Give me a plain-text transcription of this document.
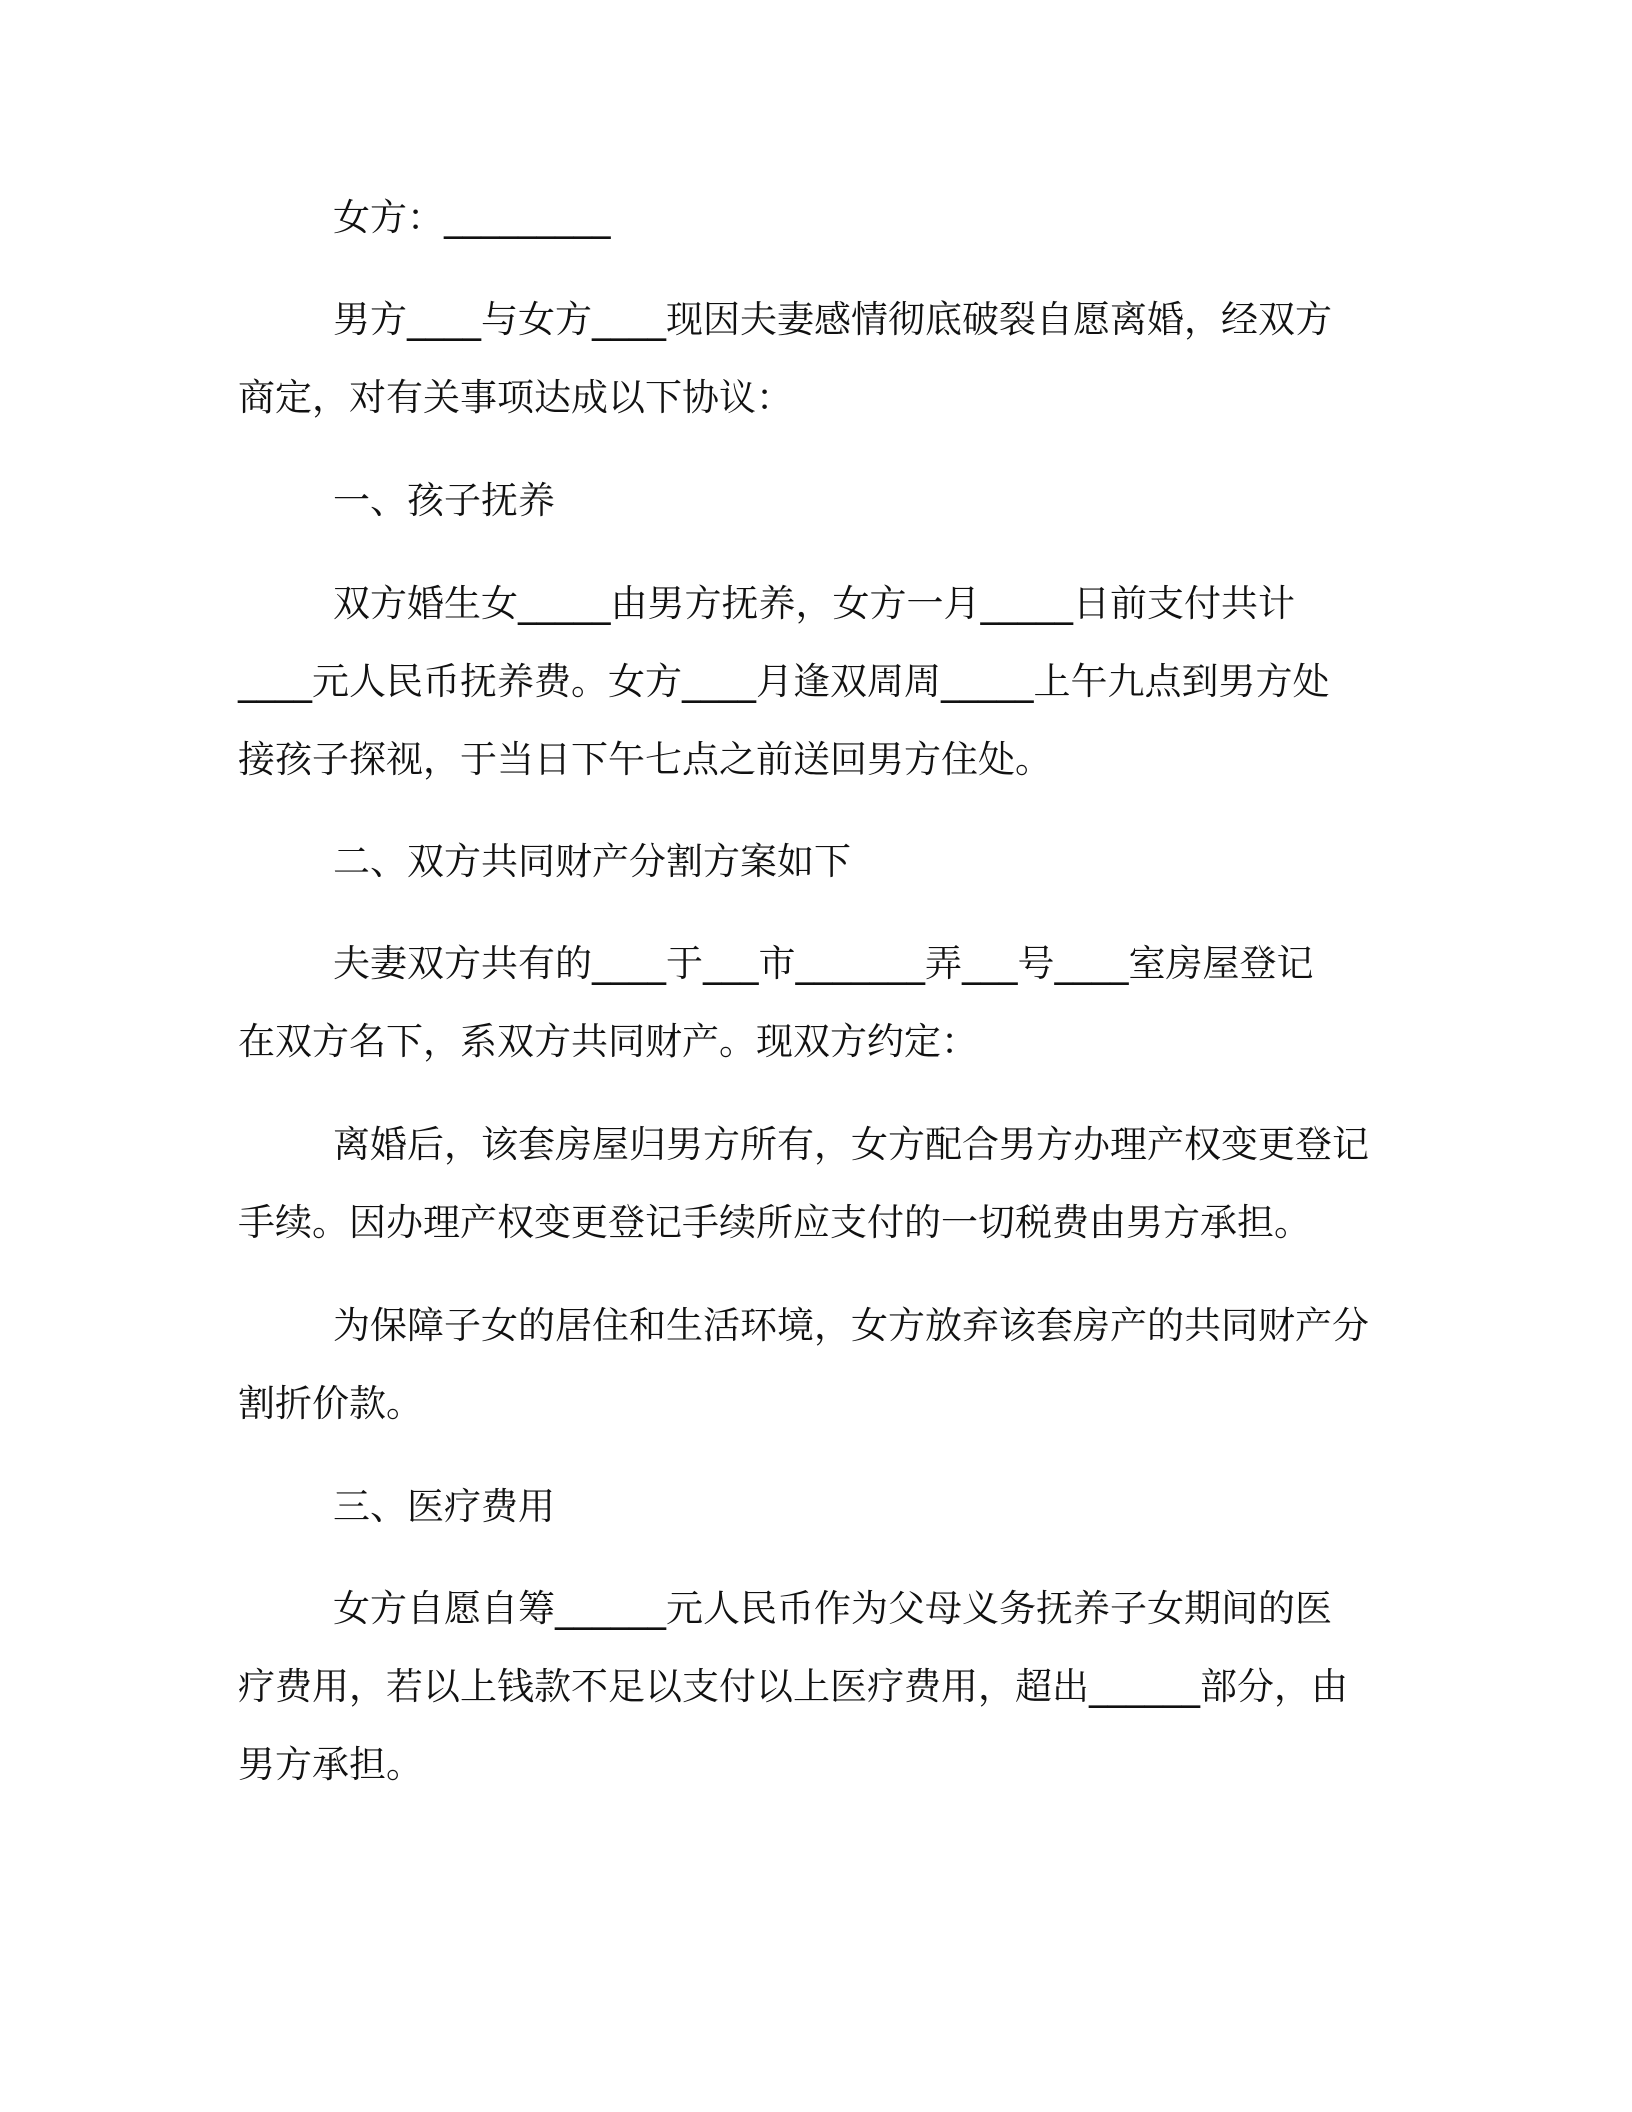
女方：_________

男方____与女方____现因夫妻感情彻底破裂自愿离婚，经双方

商定，对有关事项达成以下协议：

一、孩子抚养

双方婚生女_____由男方抚养，女方一月_____日前支付共计

____元人民币抚养费。女方____月逢双周周_____上午九点到男方处

接孩子探视，于当日下午七点之前送回男方住处。

二、双方共同财产分割方案如下

夫妻双方共有的____于___市_______弄___号____室房屋登记

在双方名下，系双方共同财产。现双方约定：

离婚后，该套房屋归男方所有，女方配合男方办理产权变更登记

手续。因办理产权变更登记手续所应支付的一切税费由男方承担。

为保障子女的居住和生活环境，女方放弃该套房产的共同财产分

割折价款。

三、医疗费用

女方自愿自筹______元人民币作为父母义务抚养子女期间的医

疗费用，若以上钱款不足以支付以上医疗费用，超出______部分，由

男方承担。
